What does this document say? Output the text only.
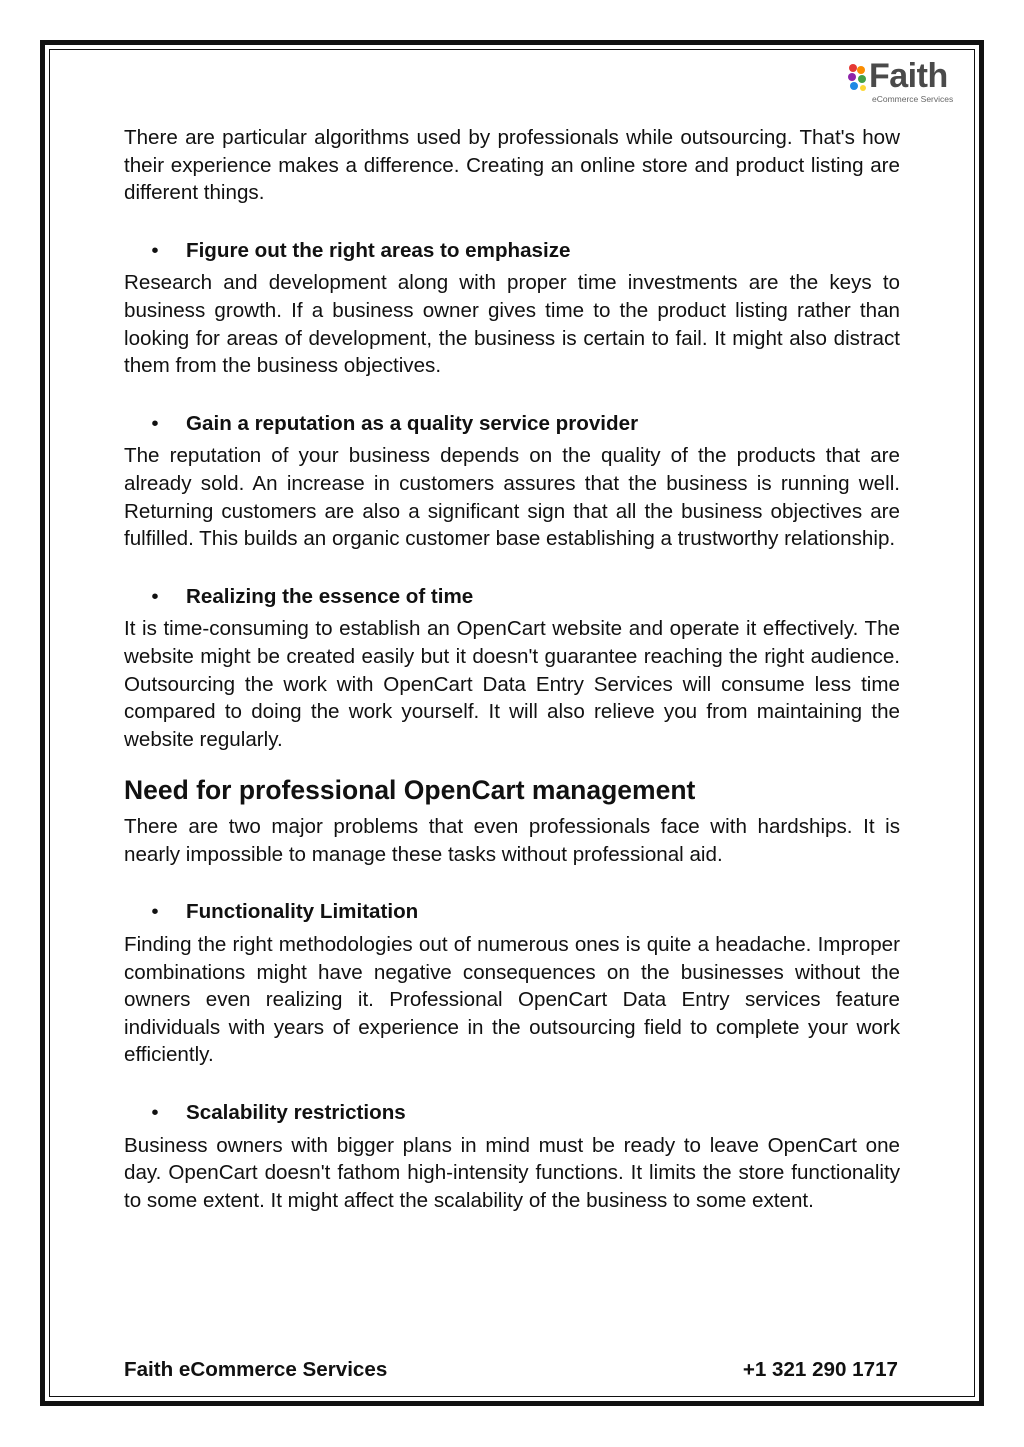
Faith
eCommerce Services

There are particular algorithms used by professionals while outsourcing. That's how their experience makes a difference. Creating an online store and product listing are different things.

•	Figure out the right areas to emphasize

Research and development along with proper time investments are the keys to business growth. If a business owner gives time to the product listing rather than looking for areas of development, the business is certain to fail. It might also distract them from the business objectives.

•	Gain a reputation as a quality service provider

The reputation of your business depends on the quality of the products that are already sold. An increase in customers assures that the business is running well. Returning customers are also a significant sign that all the business objectives are fulfilled. This builds an organic customer base establishing a trustworthy relationship.

•	Realizing the essence of time

It is time-consuming to establish an OpenCart website and operate it effectively. The website might be created easily but it doesn't guarantee reaching the right audience. Outsourcing the work with OpenCart Data Entry Services will consume less time compared to doing the work yourself. It will also relieve you from maintaining the website regularly.

Need for professional OpenCart management

There are two major problems that even professionals face with hardships. It is nearly impossible to manage these tasks without professional aid.

•	Functionality Limitation

Finding the right methodologies out of numerous ones is quite a headache. Improper combinations might have negative consequences on the businesses without the owners even realizing it. Professional OpenCart Data Entry services feature individuals with years of experience in the outsourcing field to complete your work efficiently.

•	Scalability restrictions

Business owners with bigger plans in mind must be ready to leave OpenCart one day. OpenCart doesn't fathom high-intensity functions. It limits the store functionality to some extent. It might affect the scalability of the business to some extent.

Faith eCommerce Services	+1 321 290 1717
